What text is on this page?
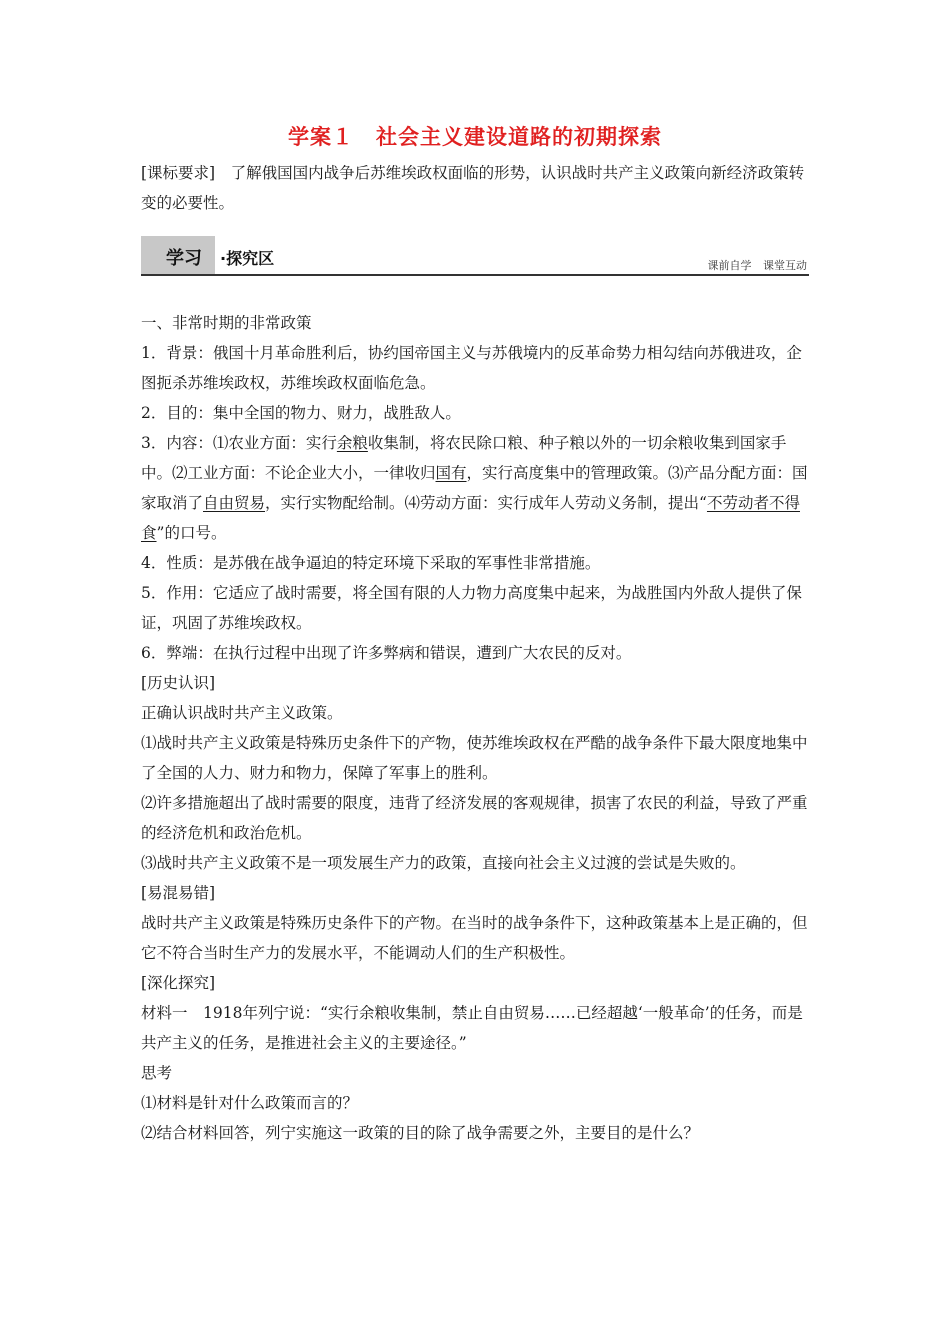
学案１　社会主义建设道路的初期探索
[课标要求]　 了解俄国国内战争后苏维埃政权面临的形势，认识战时共产主义政策向新经济政策转变的必要性。
学习 ·探究区	课前自学 课堂互动

一、非常时期的非常政策

1．背景：俄国十月革命胜利后，协约国帝国主义与苏俄境内的反革命势力相勾结向苏俄进攻，企图扼杀苏维埃政权，苏维埃政权面临危急。

2．目的：集中全国的物力、财力，战胜敌人。

3．内容：⑴农业方面：实行余粮收集制，将农民除口粮、种子粮以外的一切余粮收集到国家手中。⑵工业方面：不论企业大小，一律收归国有，实行高度集中的管理政策。⑶产品分配方面：国家取消了自由贸易，实行实物配给制。⑷劳动方面：实行成年人劳动义务制，提出“不劳动者不得食”的口号。

4．性质：是苏俄在战争逼迫的特定环境下采取的军事性非常措施。

5．作用：它适应了战时需要，将全国有限的人力物力高度集中起来，为战胜国内外敌人提供了保证，巩固了苏维埃政权。

6．弊端：在执行过程中出现了许多弊病和错误，遭到广大农民的反对。

[历史认识]

正确认识战时共产主义政策。

⑴战时共产主义政策是特殊历史条件下的产物，使苏维埃政权在严酷的战争条件下最大限度地集中了全国的人力、财力和物力，保障了军事上的胜利。

⑵许多措施超出了战时需要的限度，违背了经济发展的客观规律，损害了农民的利益，导致了严重的经济危机和政治危机。

⑶战时共产主义政策不是一项发展生产力的政策，直接向社会主义过渡的尝试是失败的。

[易混易错]

战时共产主义政策是特殊历史条件下的产物。在当时的战争条件下，这种政策基本上是正确的，但它不符合当时生产力的发展水平，不能调动人们的生产积极性。

[深化探究]

材料一　1918年列宁说：“实行余粮收集制，禁止自由贸易……已经超越‘一般革命’的任务，而是共产主义的任务，是推进社会主义的主要途径。”

思考

⑴材料是针对什么政策而言的？

⑵结合材料回答，列宁实施这一政策的目的除了战争需要之外，主要目的是什么？
